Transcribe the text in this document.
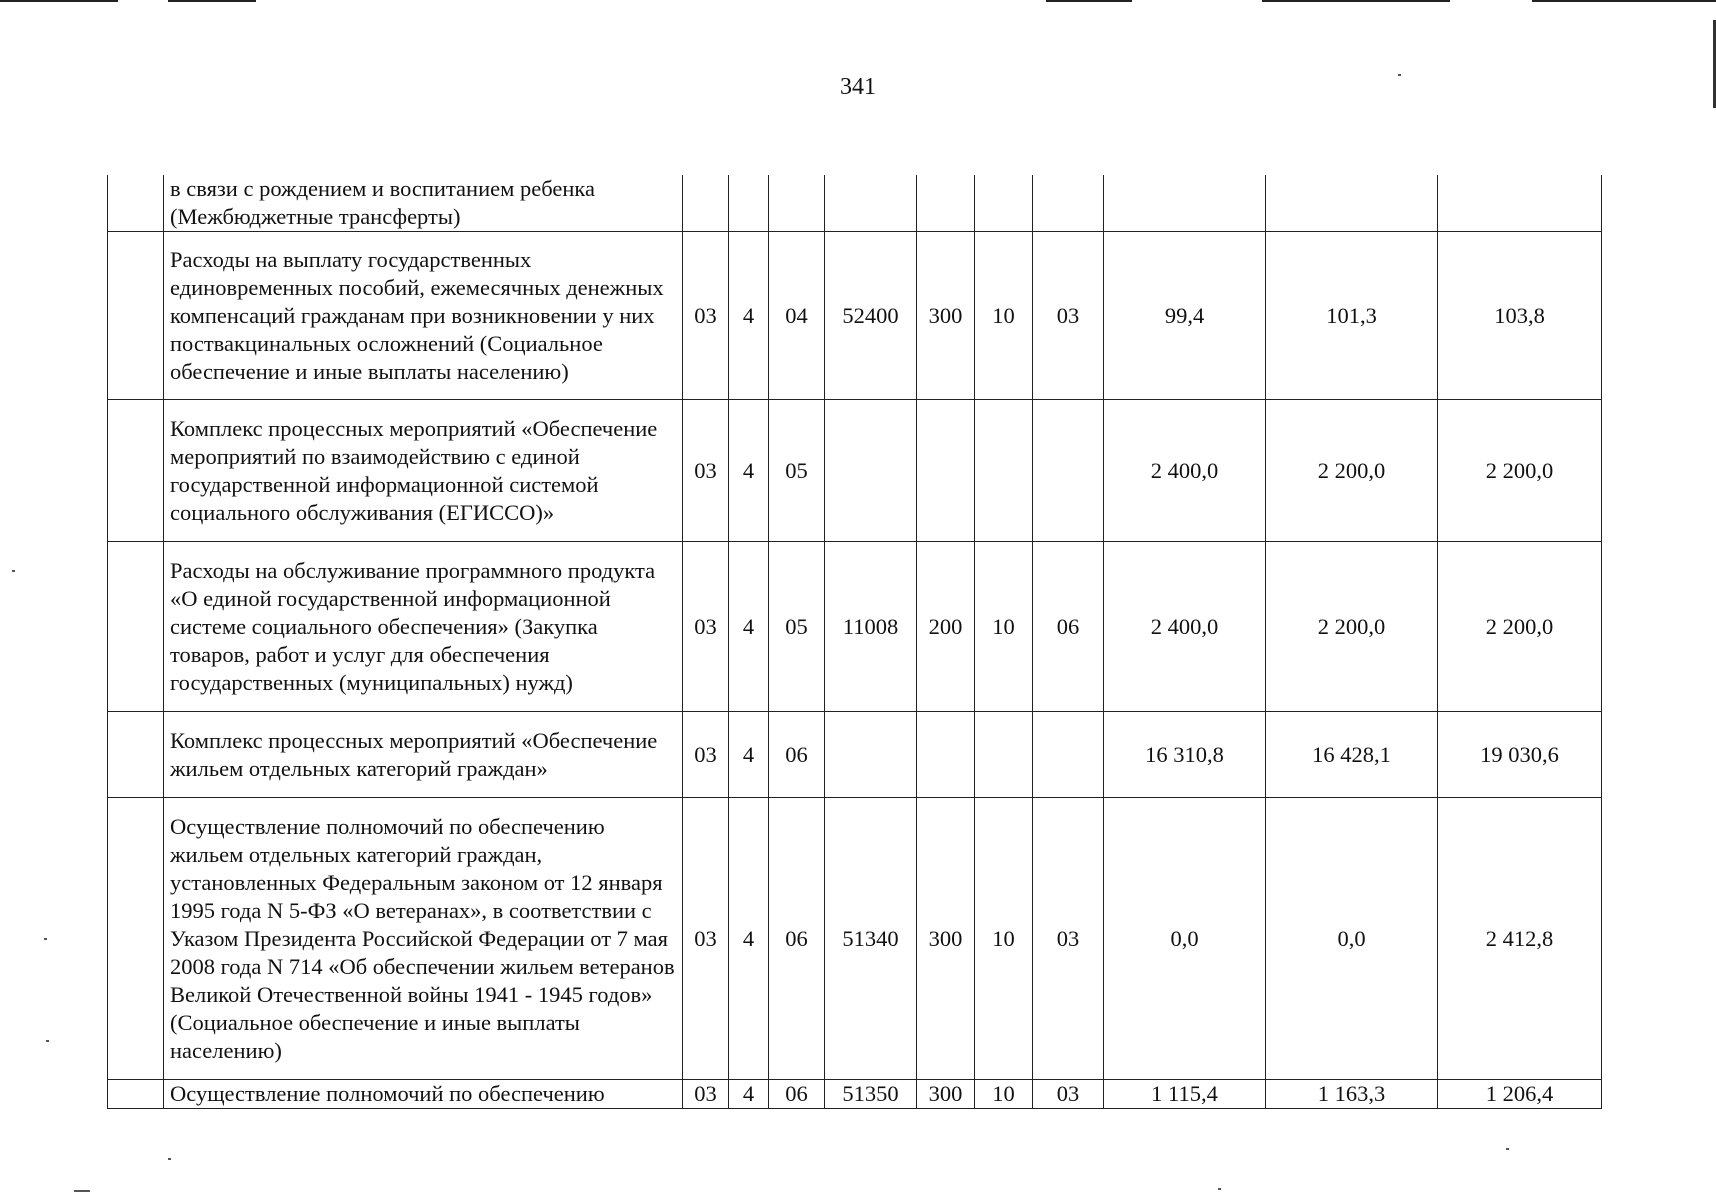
341
	в связи с рождением и воспитанием ребенка (Межбюджетные трансферты)										
	Расходы на выплату государственных единовременных пособий, ежемесячных денежных компенсаций гражданам при возникновении у них поствакцинальных осложнений (Социальное обеспечение и иные выплаты населению)	03	4	04	52400	300	10	03	99,4	101,3	103,8
	Комплекс процессных мероприятий «Обеспечение мероприятий по взаимодействию с единой государственной информационной системой социального обслуживания (ЕГИССО)»	03	4	05					2 400,0	2 200,0	2 200,0
	Расходы на обслуживание программного продукта «О единой государственной информационной системе социального обеспечения» (Закупка товаров, работ и услуг для обеспечения государственных (муниципальных) нужд)	03	4	05	11008	200	10	06	2 400,0	2 200,0	2 200,0
	Комплекс процессных мероприятий «Обеспечение жильем отдельных категорий граждан»	03	4	06					16 310,8	16 428,1	19 030,6
	Осуществление полномочий по обеспечению жильем отдельных категорий граждан, установленных Федеральным законом от 12 января 1995 года N 5-ФЗ «О ветеранах», в соответствии с Указом Президента Российской Федерации от 7 мая 2008 года N 714 «Об обеспечении жильем ветеранов Великой Отечественной войны 1941 - 1945 годов» (Социальное обеспечение и иные выплаты населению)	03	4	06	51340	300	10	03	0,0	0,0	2 412,8
	Осуществление полномочий по обеспечению	03	4	06	51350	300	10	03	1 115,4	1 163,3	1 206,4
